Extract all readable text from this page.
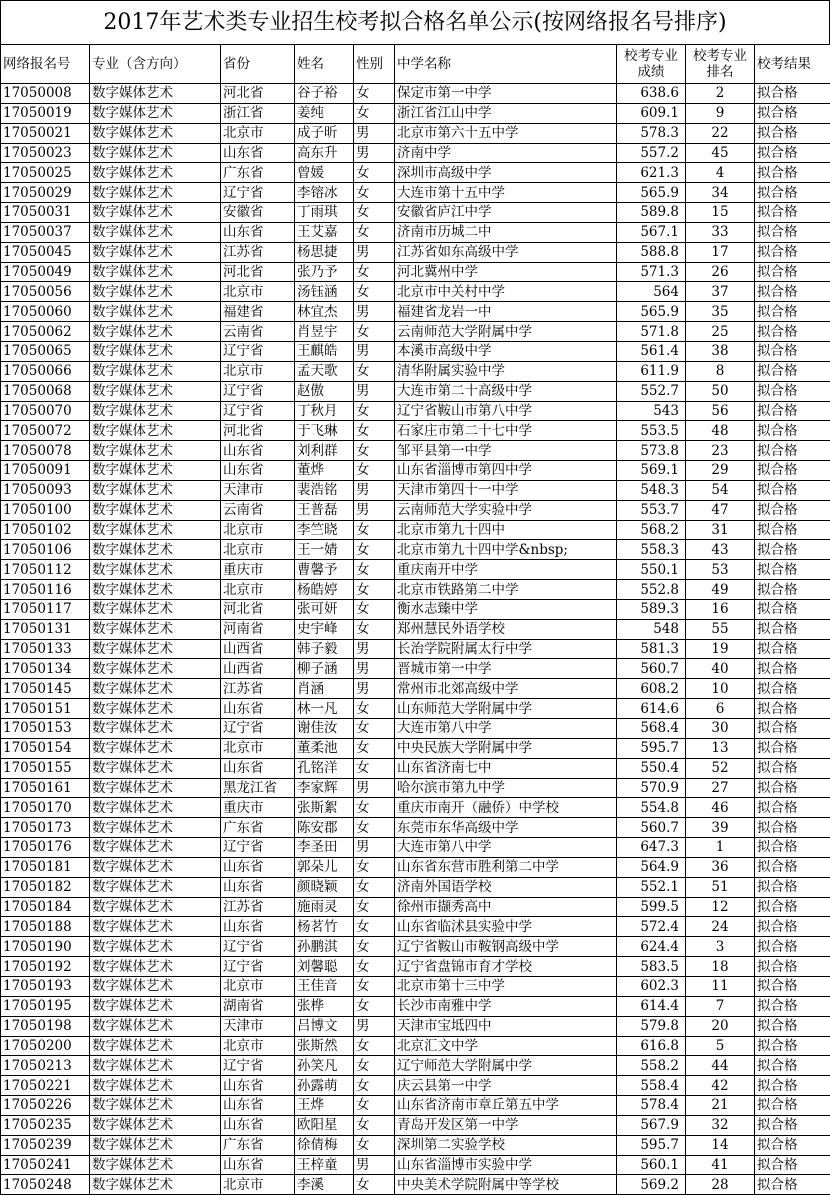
2017年艺术类专业招生校考拟合格名单公示(按网络报名号排序)
网络报名号	专业（含方向）	省份	姓名	性别	中学名称	校考专业成绩	校考专业排名	校考结果
17050008	数字媒体艺术	河北省	谷子裕	女	保定市第一中学	638.6	2	拟合格
17050019	数字媒体艺术	浙江省	姜纯	女	浙江省江山中学	609.1	9	拟合格
17050021	数字媒体艺术	北京市	成子昕	男	北京市第六十五中学	578.3	22	拟合格
17050023	数字媒体艺术	山东省	高东升	男	济南中学	557.2	45	拟合格
17050025	数字媒体艺术	广东省	曾媛	女	深圳市高级中学	621.3	4	拟合格
17050029	数字媒体艺术	辽宁省	李镕冰	女	大连市第十五中学	565.9	34	拟合格
17050031	数字媒体艺术	安徽省	丁雨琪	女	安徽省庐江中学	589.8	15	拟合格
17050037	数字媒体艺术	山东省	王艾嘉	女	济南市历城二中	567.1	33	拟合格
17050045	数字媒体艺术	江苏省	杨思捷	男	江苏省如东高级中学	588.8	17	拟合格
17050049	数字媒体艺术	河北省	张乃予	女	河北冀州中学	571.3	26	拟合格
17050056	数字媒体艺术	北京市	汤钰涵	女	北京市中关村中学	564	37	拟合格
17050060	数字媒体艺术	福建省	林宜杰	男	福建省龙岩一中	565.9	35	拟合格
17050062	数字媒体艺术	云南省	肖昱宇	女	云南师范大学附属中学	571.8	25	拟合格
17050065	数字媒体艺术	辽宁省	王麒皓	男	本溪市高级中学	561.4	38	拟合格
17050066	数字媒体艺术	北京市	孟天歌	女	清华附属实验中学	611.9	8	拟合格
17050068	数字媒体艺术	辽宁省	赵傲	男	大连市第二十高级中学	552.7	50	拟合格
17050070	数字媒体艺术	辽宁省	丁秋月	女	辽宁省鞍山市第八中学	543	56	拟合格
17050072	数字媒体艺术	河北省	于飞琳	女	石家庄市第二十七中学	553.5	48	拟合格
17050078	数字媒体艺术	山东省	刘利群	女	邹平县第一中学	573.8	23	拟合格
17050091	数字媒体艺术	山东省	董烨	女	山东省淄博市第四中学	569.1	29	拟合格
17050093	数字媒体艺术	天津市	裴浩铭	男	天津市第四十一中学	548.3	54	拟合格
17050100	数字媒体艺术	云南省	王普磊	男	云南师范大学实验中学	553.7	47	拟合格
17050102	数字媒体艺术	北京市	李竺晓	女	北京市第九十四中	568.2	31	拟合格
17050106	数字媒体艺术	北京市	王一婧	女	北京市第九十四中学&nbsp;	558.3	43	拟合格
17050112	数字媒体艺术	重庆市	曹馨予	女	重庆南开中学	550.1	53	拟合格
17050116	数字媒体艺术	北京市	杨皓婷	女	北京市铁路第二中学	552.8	49	拟合格
17050117	数字媒体艺术	河北省	张可妍	女	衡水志臻中学	589.3	16	拟合格
17050131	数字媒体艺术	河南省	史宇峰	女	郑州慧民外语学校	548	55	拟合格
17050133	数字媒体艺术	山西省	韩子毅	男	长治学院附属太行中学	581.3	19	拟合格
17050134	数字媒体艺术	山西省	柳子涵	男	晋城市第一中学	560.7	40	拟合格
17050145	数字媒体艺术	江苏省	肖涵	男	常州市北郊高级中学	608.2	10	拟合格
17050151	数字媒体艺术	山东省	林一凡	女	山东师范大学附属中学	614.6	6	拟合格
17050153	数字媒体艺术	辽宁省	谢佳汝	女	大连市第八中学	568.4	30	拟合格
17050154	数字媒体艺术	北京市	董柔池	女	中央民族大学附属中学	595.7	13	拟合格
17050155	数字媒体艺术	山东省	孔铭洋	女	山东省济南七中	550.4	52	拟合格
17050161	数字媒体艺术	黑龙江省	李家辉	男	哈尔滨市第九中学	570.9	27	拟合格
17050170	数字媒体艺术	重庆市	张斯絮	女	重庆市南开（融侨）中学校	554.8	46	拟合格
17050173	数字媒体艺术	广东省	陈安郡	女	东莞市东华高级中学	560.7	39	拟合格
17050176	数字媒体艺术	辽宁省	李圣田	男	大连市第八中学	647.3	1	拟合格
17050181	数字媒体艺术	山东省	郭朵儿	女	山东省东营市胜利第二中学	564.9	36	拟合格
17050182	数字媒体艺术	山东省	颜晓颖	女	济南外国语学校	552.1	51	拟合格
17050184	数字媒体艺术	江苏省	施雨灵	女	徐州市撷秀高中	599.5	12	拟合格
17050188	数字媒体艺术	山东省	杨茗竹	女	山东省临沭县实验中学	572.4	24	拟合格
17050190	数字媒体艺术	辽宁省	孙鹏淇	女	辽宁省鞍山市鞍钢高级中学	624.4	3	拟合格
17050192	数字媒体艺术	辽宁省	刘馨聪	女	辽宁省盘锦市育才学校	583.5	18	拟合格
17050193	数字媒体艺术	北京市	王佳音	女	北京市第十三中学	602.3	11	拟合格
17050195	数字媒体艺术	湖南省	张桦	女	长沙市南雅中学	614.4	7	拟合格
17050198	数字媒体艺术	天津市	吕博文	男	天津市宝坻四中	579.8	20	拟合格
17050200	数字媒体艺术	北京市	张斯然	女	北京汇文中学	616.8	5	拟合格
17050213	数字媒体艺术	辽宁省	孙笑凡	女	辽宁师范大学附属中学	558.2	44	拟合格
17050221	数字媒体艺术	山东省	孙露萌	女	庆云县第一中学	558.4	42	拟合格
17050226	数字媒体艺术	山东省	王烨	女	山东省济南市章丘第五中学	578.4	21	拟合格
17050235	数字媒体艺术	山东省	欧阳星	女	青岛开发区第一中学	567.9	32	拟合格
17050239	数字媒体艺术	广东省	徐倩梅	女	深圳第二实验学校	595.7	14	拟合格
17050241	数字媒体艺术	山东省	王梓童	男	山东省淄博市实验中学	560.1	41	拟合格
17050248	数字媒体艺术	北京市	李溪	女	中央美术学院附属中等学校	569.2	28	拟合格
